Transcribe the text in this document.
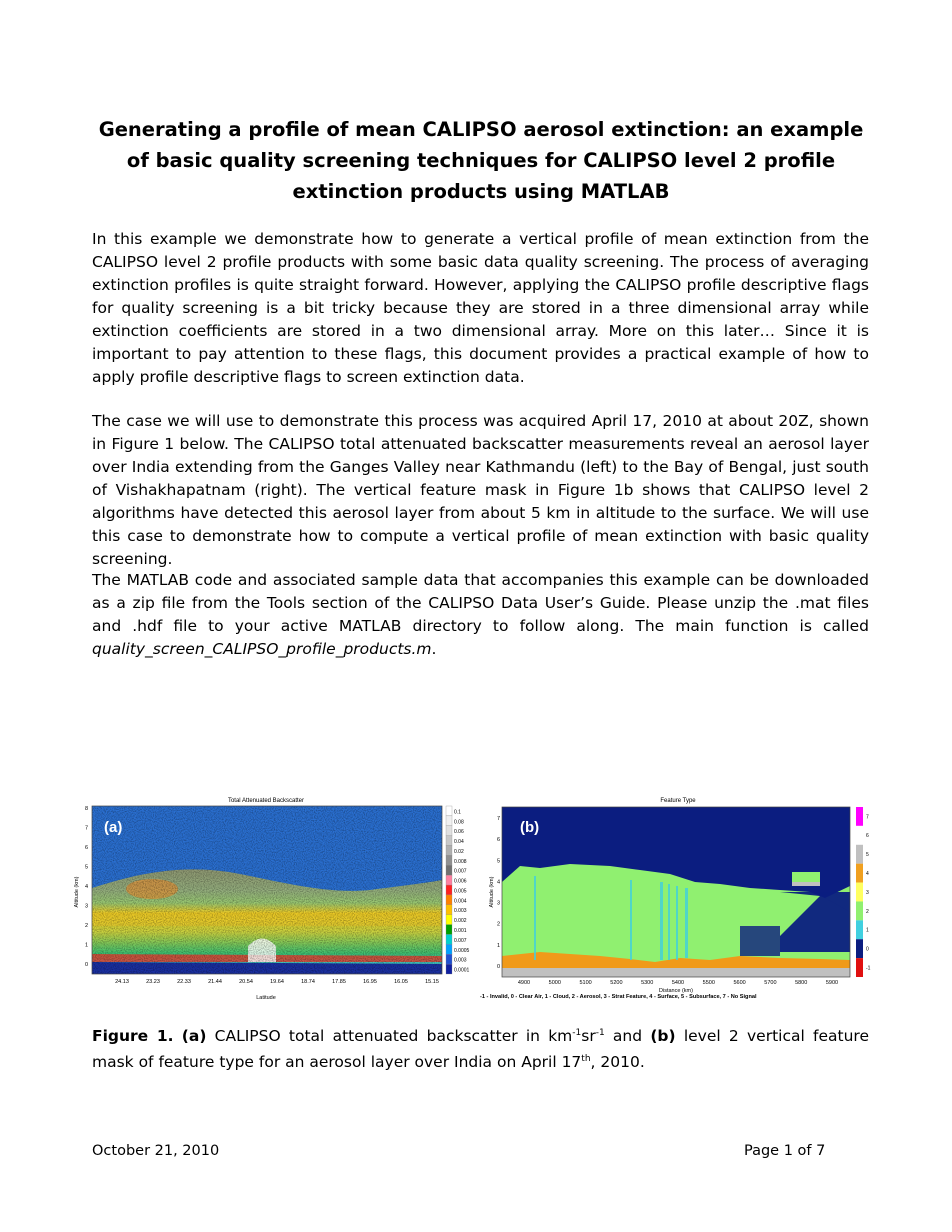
Generating a profile of mean CALIPSO aerosol extinction: an example of basic quality screening techniques for CALIPSO level 2 profile extinction products using MATLAB
In this example we demonstrate how to generate a vertical profile of mean extinction from the CALIPSO level 2 profile products with some basic data quality screening. The process of averaging extinction profiles is quite straight forward. However, applying the CALIPSO profile descriptive flags for quality screening is a bit tricky because they are stored in a three dimensional array while extinction coefficients are stored in a two dimensional array. More on this later… Since it is important to pay attention to these flags, this document provides a practical example of how to apply profile descriptive flags to screen extinction data.
The case we will use to demonstrate this process was acquired April 17, 2010 at about 20Z, shown in Figure 1 below. The CALIPSO total attenuated backscatter measurements reveal an aerosol layer over India extending from the Ganges Valley near Kathmandu (left) to the Bay of Bengal, just south of Vishakhapatnam (right). The vertical feature mask in Figure 1b shows that CALIPSO level 2 algorithms have detected this aerosol layer from about 5 km in altitude to the surface. We will use this case to demonstrate how to compute a vertical profile of mean extinction with basic quality screening.
The MATLAB code and associated sample data that accompanies this example can be downloaded as a zip file from the Tools section of the CALIPSO Data User’s Guide. Please unzip the .mat files and .hdf file to your active MATLAB directory to follow along. The main function is called quality_screen_CALIPSO_profile_products.m.
Total Attenuated Backscatter
(a)
Altitude (km)
0
1
2
3
4
5
6
7
8
24.13	23.23	22.33	21.44	20.54	19.64	18.74	17.85	16.95	16.05	15.15
Latitude
0.1
0.08
0.06
0.04
0.02
0.008
0.007
0.006
0.005
0.004
0.003
0.002
0.001
0.007
0.0005
0.003
0.0001
Feature Type
(b)
Altitude (km)
0
1
2
3
4
5
6
7
4900	5000	5100	5200	5300	5400	5500	5600	5700	5800	5900
Distance (km)
-1 - Invalid, 0 - Clear Air, 1 - Cloud, 2 - Aerosol, 3 - Strat Feature, 4 - Surface, 5 - Subsurface, 7 - No Signal
7
6
5
4
3
2
1
0
-1
Figure 1. (a) CALIPSO total attenuated backscatter in $km^{-1}sr^{-1}$ and (b) level 2 vertical feature mask of feature type for an aerosol layer over India on April 17th, 2010.
October 21, 2010	Page 1 of 7
